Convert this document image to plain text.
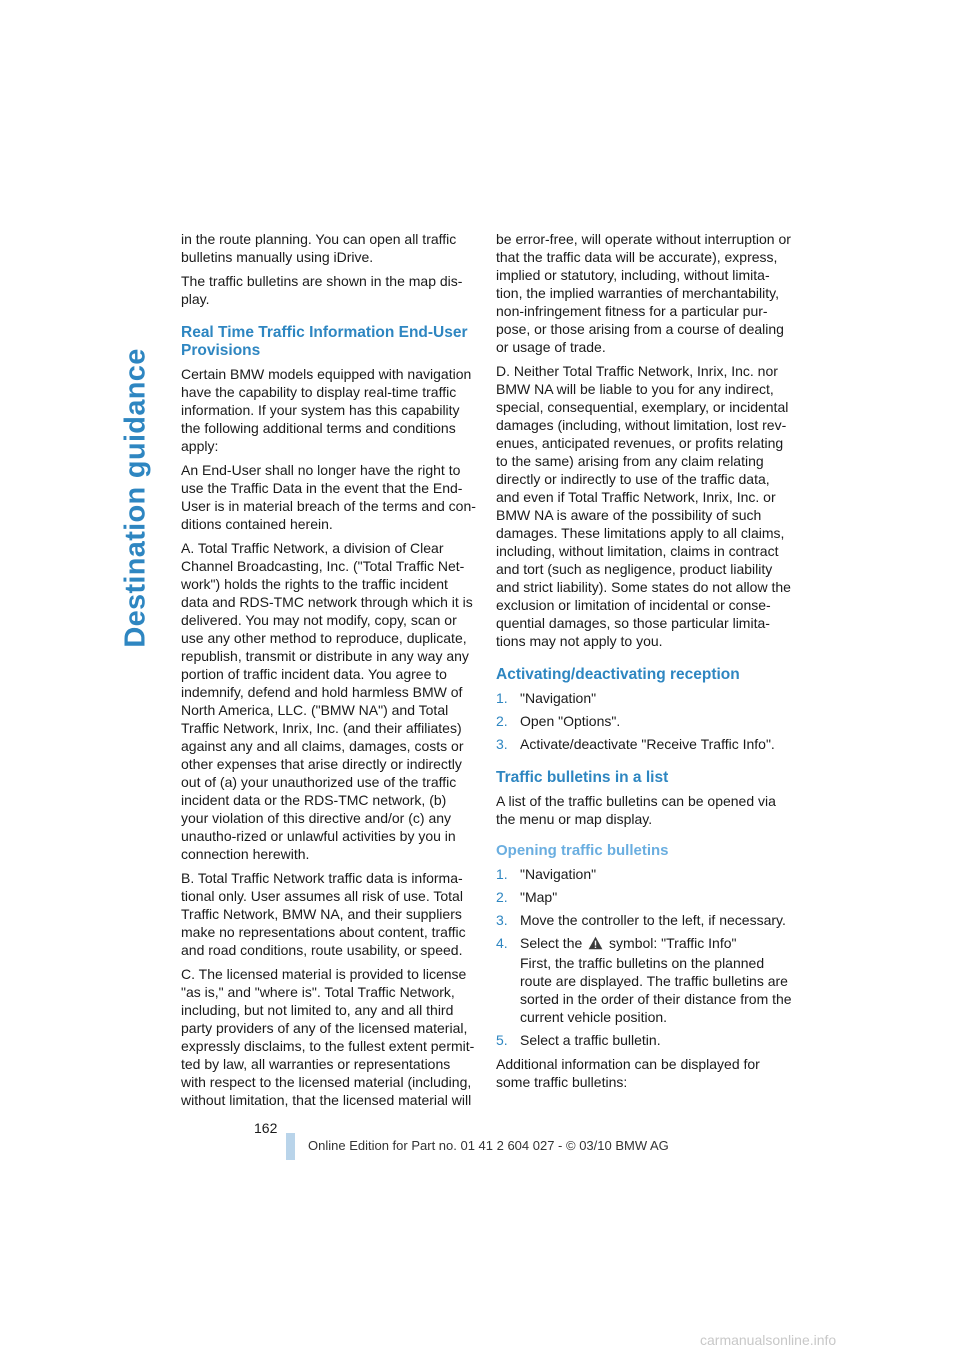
Destination guidance

in the route planning. You can open all traffic bulletins manually using iDrive.

The traffic bulletins are shown in the map dis-play.

Real Time Traffic Information End-User Provisions

Certain BMW models equipped with navigation have the capability to display real-time traffic information. If your system has this capability the following additional terms and conditions apply:

An End-User shall no longer have the right to use the Traffic Data in the event that the End-User is in material breach of the terms and con-ditions contained herein.

A. Total Traffic Network, a division of Clear Channel Broadcasting, Inc. ("Total Traffic Net-work") holds the rights to the traffic incident data and RDS-TMC network through which it is delivered. You may not modify, copy, scan or use any other method to reproduce, duplicate, republish, transmit or distribute in any way any portion of traffic incident data. You agree to indemnify, defend and hold harmless BMW of North America, LLC. ("BMW NA") and Total Traffic Network, Inrix, Inc. (and their affiliates) against any and all claims, damages, costs or other expenses that arise directly or indirectly out of (a) your unauthorized use of the traffic incident data or the RDS-TMC network, (b) your violation of this directive and/or (c) any unautho-rized or unlawful activities by you in connection herewith.

B. Total Traffic Network traffic data is informa-tional only. User assumes all risk of use. Total Traffic Network, BMW NA, and their suppliers make no representations about content, traffic and road conditions, route usability, or speed.

C. The licensed material is provided to license "as is," and "where is". Total Traffic Network, including, but not limited to, any and all third party providers of any of the licensed material, expressly disclaims, to the fullest extent permit-ted by law, all warranties or representations with respect to the licensed material (including, without limitation, that the licensed material will

be error-free, will operate without interruption or that the traffic data will be accurate), express, implied or statutory, including, without limita-tion, the implied warranties of merchantability, non-infringement fitness for a particular pur-pose, or those arising from a course of dealing or usage of trade.

D. Neither Total Traffic Network, Inrix, Inc. nor BMW NA will be liable to you for any indirect, special, consequential, exemplary, or incidental damages (including, without limitation, lost rev-enues, anticipated revenues, or profits relating to the same) arising from any claim relating directly or indirectly to use of the traffic data, and even if Total Traffic Network, Inrix, Inc. or BMW NA is aware of the possibility of such damages. These limitations apply to all claims, including, without limitation, claims in contract and tort (such as negligence, product liability and strict liability). Some states do not allow the exclusion or limitation of incidental or conse-quential damages, so those particular limita-tions may not apply to you.

Activating/deactivating reception
1. "Navigation"
2. Open "Options".
3. Activate/deactivate "Receive Traffic Info".
Traffic bulletins in a list

A list of the traffic bulletins can be opened via the menu or map display.

Opening traffic bulletins
1. "Navigation"
2. "Map"
3. Move the controller to the left, if necessary.
4. Select the symbol: "Traffic Info"
First, the traffic bulletins on the planned route are displayed. The traffic bulletins are sorted in the order of their distance from the current vehicle position.
5. Select a traffic bulletin.

Additional information can be displayed for some traffic bulletins:

162
Online Edition for Part no. 01 41 2 604 027 - © 03/10 BMW AG
carmanualsonline.info
